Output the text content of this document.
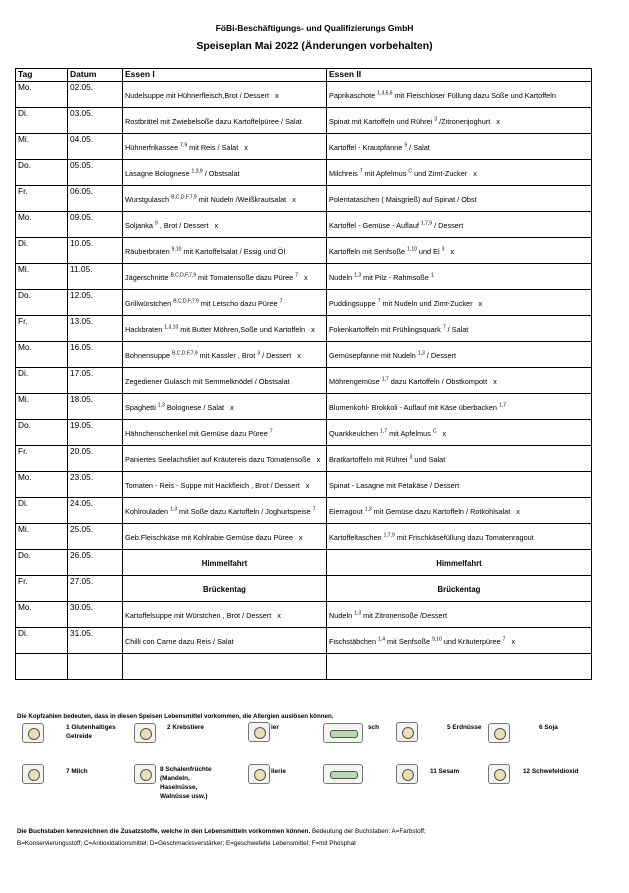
FöBi-Beschäftigungs- und Qualifizierungs GmbH
Speiseplan Mai 2022 (Änderungen vorbehalten)
Tag	Datum	Essen I	Essen II
Mo.	02.05.	Nudelsuppe mit Hühnerfleisch,Brot / Dessert x	Paprikaschote $^{1,3,5,6}$ mit Fleischloser Füllung dazu Soße und Kartoffeln
Di.	03.05.	Rostbrätel mit Zwiebelsoße dazu Kartoffelpüree / Salat	Spinat mit Kartoffeln und Rührei $^3$ /Zitronenjoghurt x
Mi.	04.05.	Hühnerfrikassee $^{7,9}$ mit Reis / Salat x	Kartoffel - Krautpfanne $^9$ / Salat
Do.	05.05.	Lasagne Bolognese $^{1,3,9}$ / Obstsalat	Milchreis $^7$ mit Apfelmus $^C$ und Zimt-Zucker x
Fr.	06.05.	Wurstgulasch $^{B,C,D,F,7,9}$ mit Nudeln /Weißkrautsalat x	Polentataschen ( Maisgrieß) auf Spinat / Obst
Mo.	09.05.	Soljanka $^9$ , Brot / Dessert x	Kartoffel - Gemüse - Auflauf $^{1,7,9}$ / Dessert
Di.	10.05.	Räuberbraten $^{9,10}$ mit Kartoffelsalat / Essig und Öl	Kartoffeln mit Senfsoße $^{1,10}$ und Ei $^3$ x
Mi.	11.05.	Jägerschnitte $^{B,C,D,F,7,9}$ mit Tomatensoße dazu Püree $^7$ x	Nudeln $^{1,3}$ mit Pilz - Rahmsoße $^1$
Do.	12.05.	Grillwürstchen $^{B,C,D,F,7,9}$ mit Letscho dazu Püree $^7$	Puddingsuppe $^7$ mit Nudeln und Zimt-Zucker x
Fr.	13.05.	Hackbraten $^{1,3,10}$ mit Butter Möhren,Soße und Kartoffeln x	Folienkartoffeln mit Frühlingsquark $^7$ / Salat
Mo.	16.05.	Bohnensuppe $^{B,C,D,F,7,9}$ mit Kassler , Brot $^3$ / Dessert x	Gemüsepfanne mit Nudeln $^{1,3}$ / Dessert
Di.	17.05.	Zegediener Gulasch mit Semmelknödel / Obstsalat	Möhrengemüse $^{1,7}$ dazu Kartoffeln / Obstkompott x
Mi.	18.05.	Spaghetti $^{1,3}$ Bolognese / Salat x	Blumenkohl- Brokkoli - Auflauf mit Käse überbacken $^{1,7}$
Do.	19.05.	Hähnchenschenkel mit Gemüse dazu Püree $^7$	Quarkkeulchen $^{1,7}$ mit Apfelmus $^C$ x
Fr.	20.05.	Paniertes Seelachsfilet auf Kräutereis dazu Tomatensoße x	Bratkartoffeln mit Rührei $^3$ und Salat
Mo.	23.05.	Tomaten - Reis - Suppe mit Hackfleich , Brot / Dessert x	Spinat - Lasagne mit Fetakäse / Dessert
Di.	24.05.	Kohlrouladen $^{1,3}$ mit Soße dazu Kartoffeln / Joghurtspeise $^7$	Eierragout $^{1,3}$ mit Gemüse dazu Kartoffeln / Rotkohlsalat x
Mi.	25.05.	Geb.Fleischkäse mit Kohlrabie Gemüse dazu Püree x	Kartoffeltaschen $^{1,7,9}$ mit Frischkäsefüllung dazu Tomatenragout
Do.	26.05.	Himmelfahrt	Himmelfahrt
Fr.	27.05.	Brückentag	Brückentag
Mo.	30.05.	Kartoffelsuppe mit Würstchen , Brot / Dessert x	Nudeln $^{1,3}$ mit Zitronensoße /Dessert
Di.	31.05.	Chilli con Carne dazu Reis / Salat	Fischstäbchen $^{1,4}$ mit Senfsoße $^{9,10}$ und Kräuterpüree $^7$ x

Die Kopfzahlen bedeuten, dass in diesen Speisen Lebensmittel vorkommen, die Allergien auslösen können.
1 Glutenhaltiges Getreide
2 Krebstiere	ier	sch	5 Erdnüsse	6 Soja
7 Milch	8 Schalenfrüchte (Mandeln, Haselnüsse, Walnüsse usw.)
llerie	11 Sesam	12 Schwefeldioxid
Die Buchstaben kennzeichnen die Zusatzstoffe, welche in den Lebensmitteln vorkommen können. Bedeutung der Buchstaben: A=Farbstoff;
B=Konservierungsstoff; C=Antioxidationsmittel; D=Geschmacksverstärker; E=geschwefelte Lebensmittel; F=mit Phosphat
